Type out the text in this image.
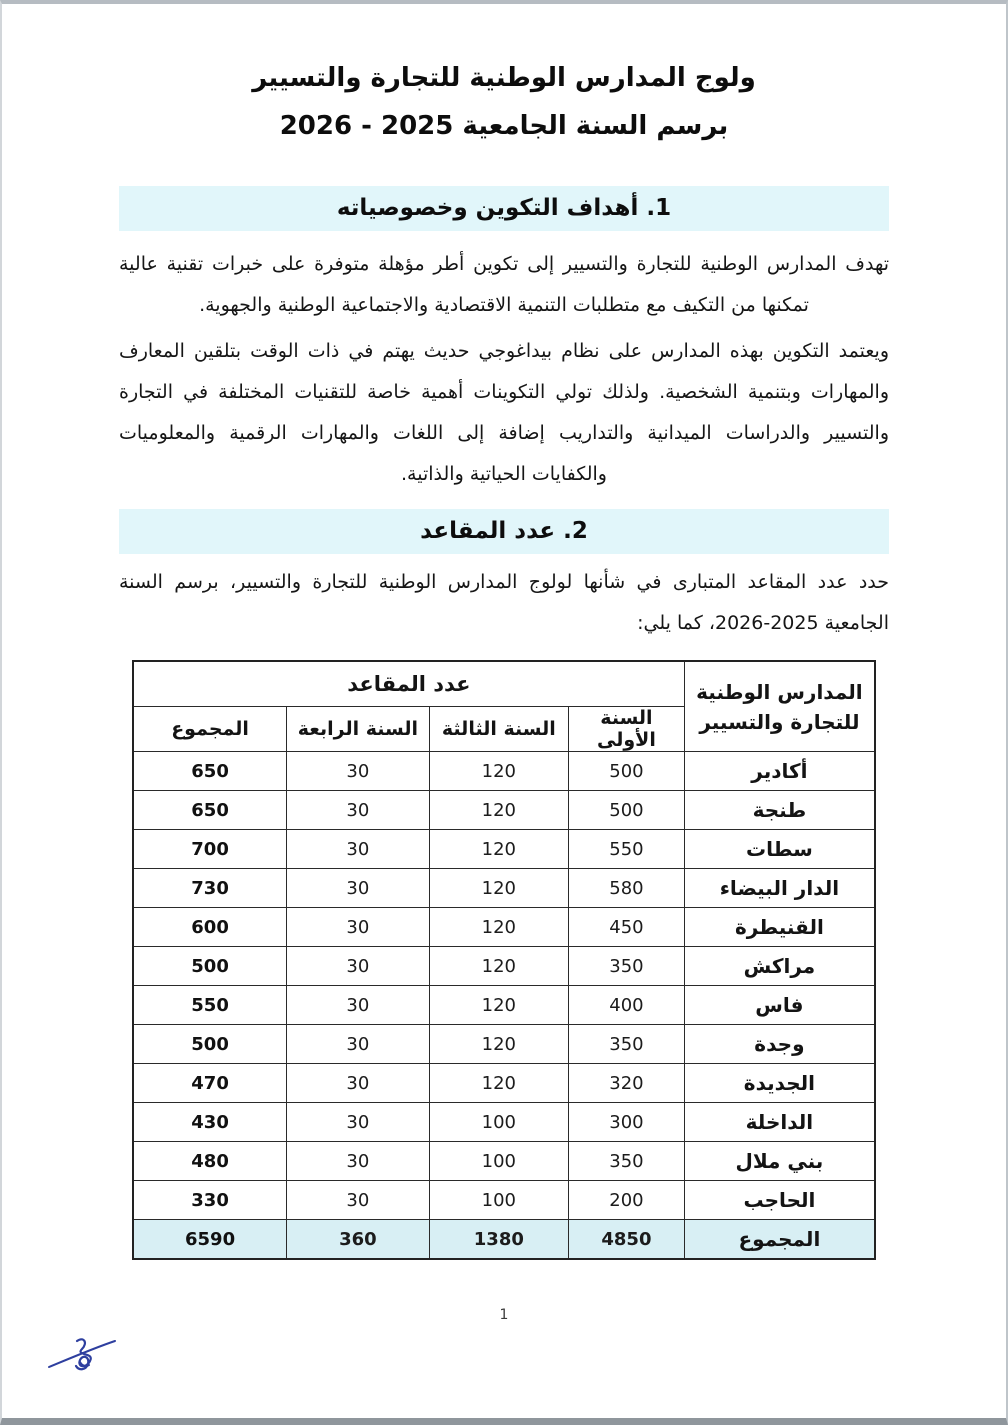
ولوج المدارس الوطنية للتجارة والتسيير
برسم السنة الجامعية 2025 - 2026
1. أهداف التكوين وخصوصياته

تهدف المدارس الوطنية للتجارة والتسيير إلى تكوين أطر مؤهلة متوفرة على خبرات تقنية عالية تمكنها من التكيف مع متطلبات التنمية الاقتصادية والاجتماعية الوطنية والجهوية.

ويعتمد التكوين بهذه المدارس على نظام بيداغوجي حديث يهتم في ذات الوقت بتلقين المعارف والمهارات وبتنمية الشخصية. ولذلك تولي التكوينات أهمية خاصة للتقنيات المختلفة في التجارة والتسيير والدراسات الميدانية والتداريب إضافة إلى اللغات والمهارات الرقمية والمعلوميات والكفايات الحياتية والذاتية.

2. عدد المقاعد

حدد عدد المقاعد المتبارى في شأنها لولوج المدارس الوطنية للتجارة والتسيير، برسم السنة الجامعية 2025-2026، كما يلي:

المدارس الوطنية
للتجارة والتسيير	عدد المقاعد			
	السنة الأولى	السنة الثالثة	السنة الرابعة	المجموع
أكادير	500	120	30	650
طنجة	500	120	30	650
سطات	550	120	30	700
الدار البيضاء	580	120	30	730
القنيطرة	450	120	30	600
مراكش	350	120	30	500
فاس	400	120	30	550
وجدة	350	120	30	500
الجديدة	320	120	30	470
الداخلة	300	100	30	430
بني ملال	350	100	30	480
الحاجب	200	100	30	330
المجموع	4850	1380	360	6590
1
